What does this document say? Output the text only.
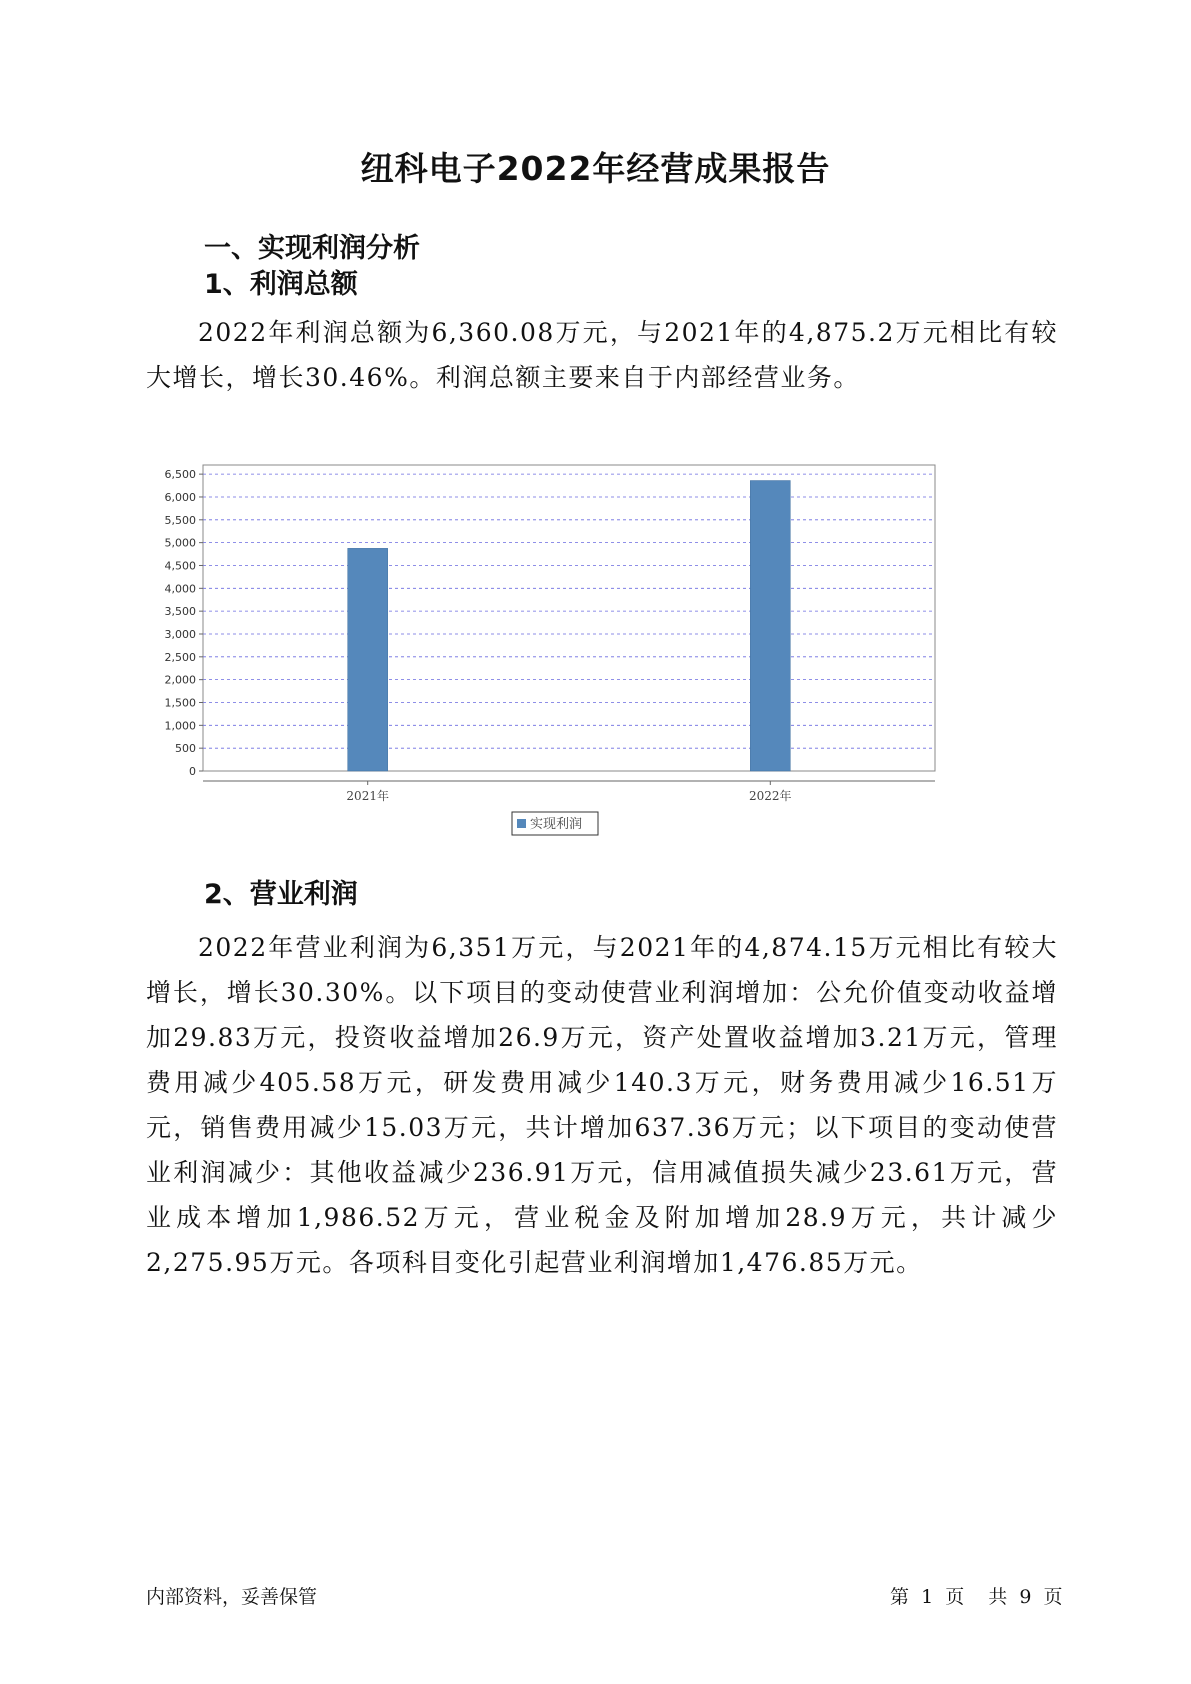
纽科电子2022年经营成果报告
一、实现利润分析
1、利润总额

2022年利润总额为6,360.08万元，与2021年的4,875.2万元相比有较大增长，增长30.46%。利润总额主要来自于内部经营业务。

0
500
1,000
1,500
2,000
2,500
3,000
3,500
4,000
4,500
5,000
5,500
6,000
6,500
2021年	2022年
实现利润
2、营业利润

2022年营业利润为6,351万元，与2021年的4,874.15万元相比有较大增长，增长30.30%。以下项目的变动使营业利润增加：公允价值变动收益增加29.83万元，投资收益增加26.9万元，资产处置收益增加3.21万元，管理费用减少405.58万元，研发费用减少140.3万元，财务费用减少16.51万元，销售费用减少15.03万元，共计增加637.36万元；以下项目的变动使营业利润减少：其他收益减少236.91万元，信用减值损失减少23.61万元，营业成本增加1,986.52万元，营业税金及附加增加28.9万元，共计减少2,275.95万元。各项科目变化引起营业利润增加1,476.85万元。

内部资料，妥善保管	第 1 页 共 9 页
